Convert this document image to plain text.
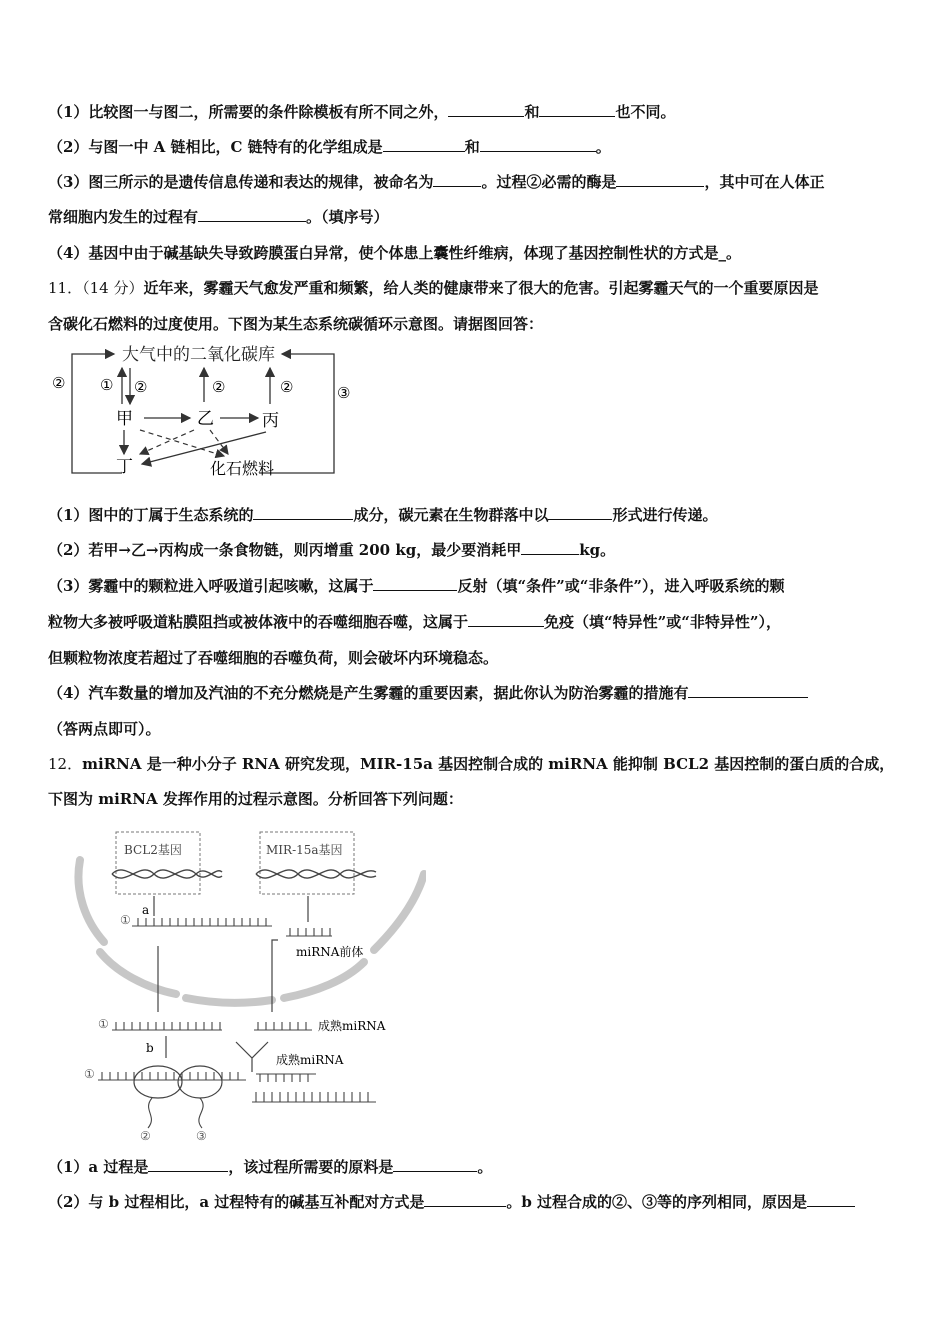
（1）比较图一与图二，所需要的条件除模板有所不同之外，	和	也不同。
（2）与图一中 A 链相比，C 链特有的化学组成是	和	。
（3）图三所示的是遗传信息传递和表达的规律，被命名为	。过程②必需的酶是	，其中可在人体正
常细胞内发生的过程有	。（填序号）
（4）基因中由于碱基缺失导致跨膜蛋白异常，使个体患上囊性纤维病，体现了基因控制性状的方式是_。
11．（14 分）近年来，雾霾天气愈发严重和频繁，给人类的健康带来了很大的危害。引起雾霾天气的一个重要原因是
含碳化石燃料的过度使用。下图为某生态系统碳循环示意图。请据图回答：
大气中的二氧化碳库
②
③
① ②	②	②
甲	乙	丙
丁	化石燃料
（1）图中的丁属于生态系统的	成分，碳元素在生物群落中以	形式进行传递。
（2）若甲→乙→丙构成一条食物链，则丙增重 200 kg，最少要消耗甲	kg。
（3）雾霾中的颗粒进入呼吸道引起咳嗽，这属于	反射（填“条件”或“非条件”），进入呼吸系统的颗
粒物大多被呼吸道粘膜阻挡或被体液中的吞噬细胞吞噬，这属于	免疫（填“特异性”或“非特异性”），
但颗粒物浓度若超过了吞噬细胞的吞噬负荷，则会破坏内环境稳态。
（4）汽车数量的增加及汽油的不充分燃烧是产生雾霾的重要因素，据此你认为防治雾霾的措施有
（答两点即可）。
12．miRNA 是一种小分子 RNA 研究发现，MIR-15a 基因控制合成的 miRNA 能抑制 BCL2 基因控制的蛋白质的合成，
下图为 miRNA 发挥作用的过程示意图。分析回答下列问题：
BCL2基因	MIR-15a基因
a
①
miRNA前体
①	成熟miRNA
b
成熟miRNA
①
②	③
（1）a 过程是	，该过程所需要的原料是	。
（2）与 b 过程相比，a 过程特有的碱基互补配对方式是	。b 过程合成的②、③等的序列相同，原因是
